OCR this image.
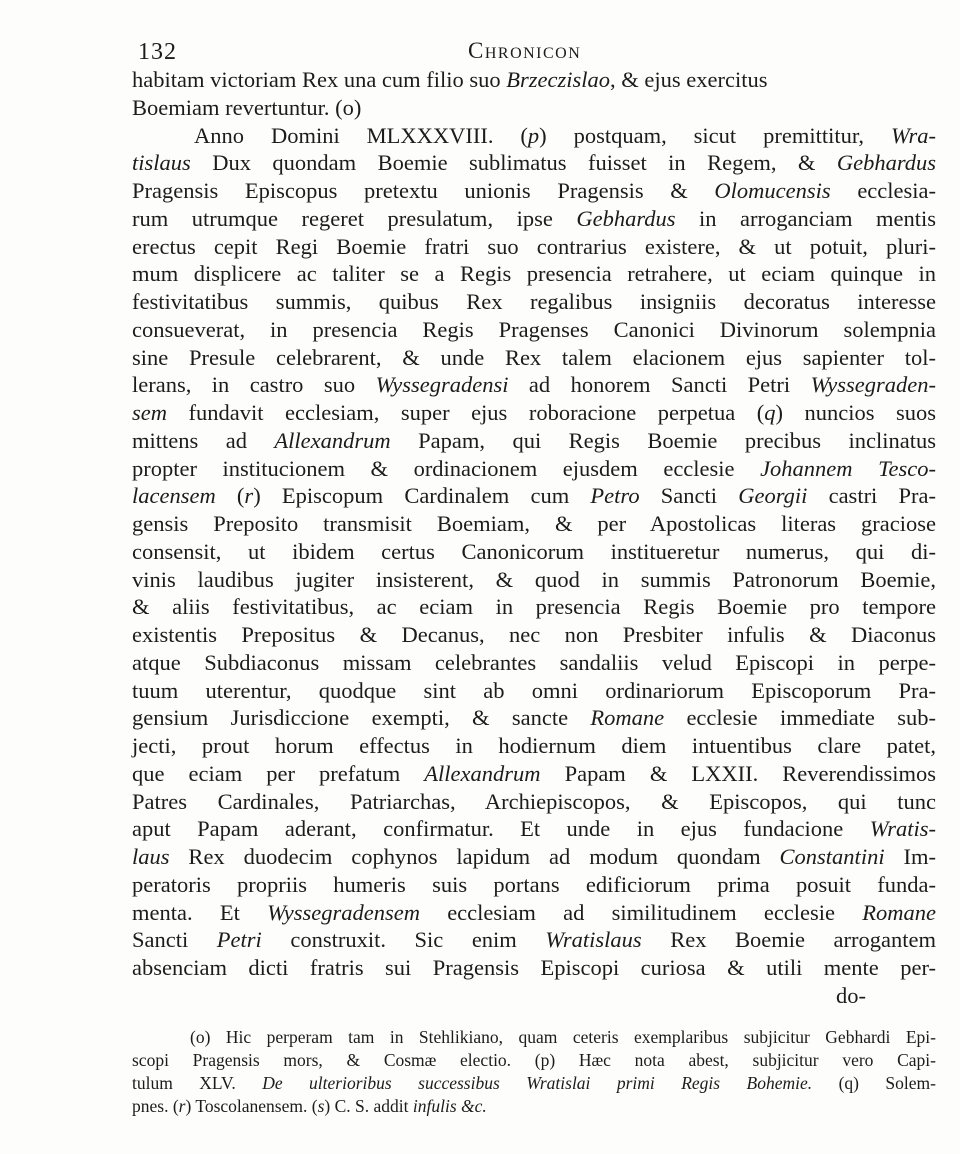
132	Chronicon
habitam victoriam Rex una cum filio suo Brzeczislao, & ejus exercitus
Boemiam revertuntur. (o)
Anno Domini MLXXXVIII. (p) postquam, sicut premittitur, Wra-
tislaus Dux quondam Boemie sublimatus fuisset in Regem, & Gebhardus
Pragensis Episcopus pretextu unionis Pragensis & Olomucensis ecclesia-
rum utrumque regeret presulatum, ipse Gebhardus in arroganciam mentis
erectus cepit Regi Boemie fratri suo contrarius existere, & ut potuit, pluri-
mum displicere ac taliter se a Regis presencia retrahere, ut eciam quinque in
festivitatibus summis, quibus Rex regalibus insigniis decoratus interesse
consueverat, in presencia Regis Pragenses Canonici Divinorum solempnia
sine Presule celebrarent, & unde Rex talem elacionem ejus sapienter tol-
lerans, in castro suo Wyssegradensi ad honorem Sancti Petri Wyssegraden-
sem fundavit ecclesiam, super ejus roboracione perpetua (q) nuncios suos
mittens ad Allexandrum Papam, qui Regis Boemie precibus inclinatus
propter institucionem & ordinacionem ejusdem ecclesie Johannem Tesco-
lacensem (r) Episcopum Cardinalem cum Petro Sancti Georgii castri Pra-
gensis Preposito transmisit Boemiam, & per Apostolicas literas graciose
consensit, ut ibidem certus Canonicorum institueretur numerus, qui di-
vinis laudibus jugiter insisterent, & quod in summis Patronorum Boemie,
& aliis festivitatibus, ac eciam in presencia Regis Boemie pro tempore
existentis Prepositus & Decanus, nec non Presbiter infulis & Diaconus
atque Subdiaconus missam celebrantes sandaliis velud Episcopi in perpe-
tuum uterentur, quodque sint ab omni ordinariorum Episcoporum Pra-
gensium Jurisdiccione exempti, & sancte Romane ecclesie immediate sub-
jecti, prout horum effectus in hodiernum diem intuentibus clare patet,
que eciam per prefatum Allexandrum Papam & LXXII. Reverendissimos
Patres Cardinales, Patriarchas, Archiepiscopos, & Episcopos, qui tunc
aput Papam aderant, confirmatur. Et unde in ejus fundacione Wratis-
laus Rex duodecim cophynos lapidum ad modum quondam Constantini Im-
peratoris propriis humeris suis portans edificiorum prima posuit funda-
menta. Et Wyssegradensem ecclesiam ad similitudinem ecclesie Romane
Sancti Petri construxit. Sic enim Wratislaus Rex Boemie arrogantem
absenciam dicti fratris sui Pragensis Episcopi curiosa & utili mente per-
do-
(o) Hic perperam tam in Stehlikiano, quam ceteris exemplaribus subjicitur Gebhardi Epi-
scopi Pragensis mors, & Cosmæ electio. (p) Hæc nota abest, subjicitur vero Capi-
tulum XLV. De ulterioribus successibus Wratislai primi Regis Bohemie. (q) Solem-
pnes. (r) Toscolanensem. (s) C. S. addit infulis &c.
